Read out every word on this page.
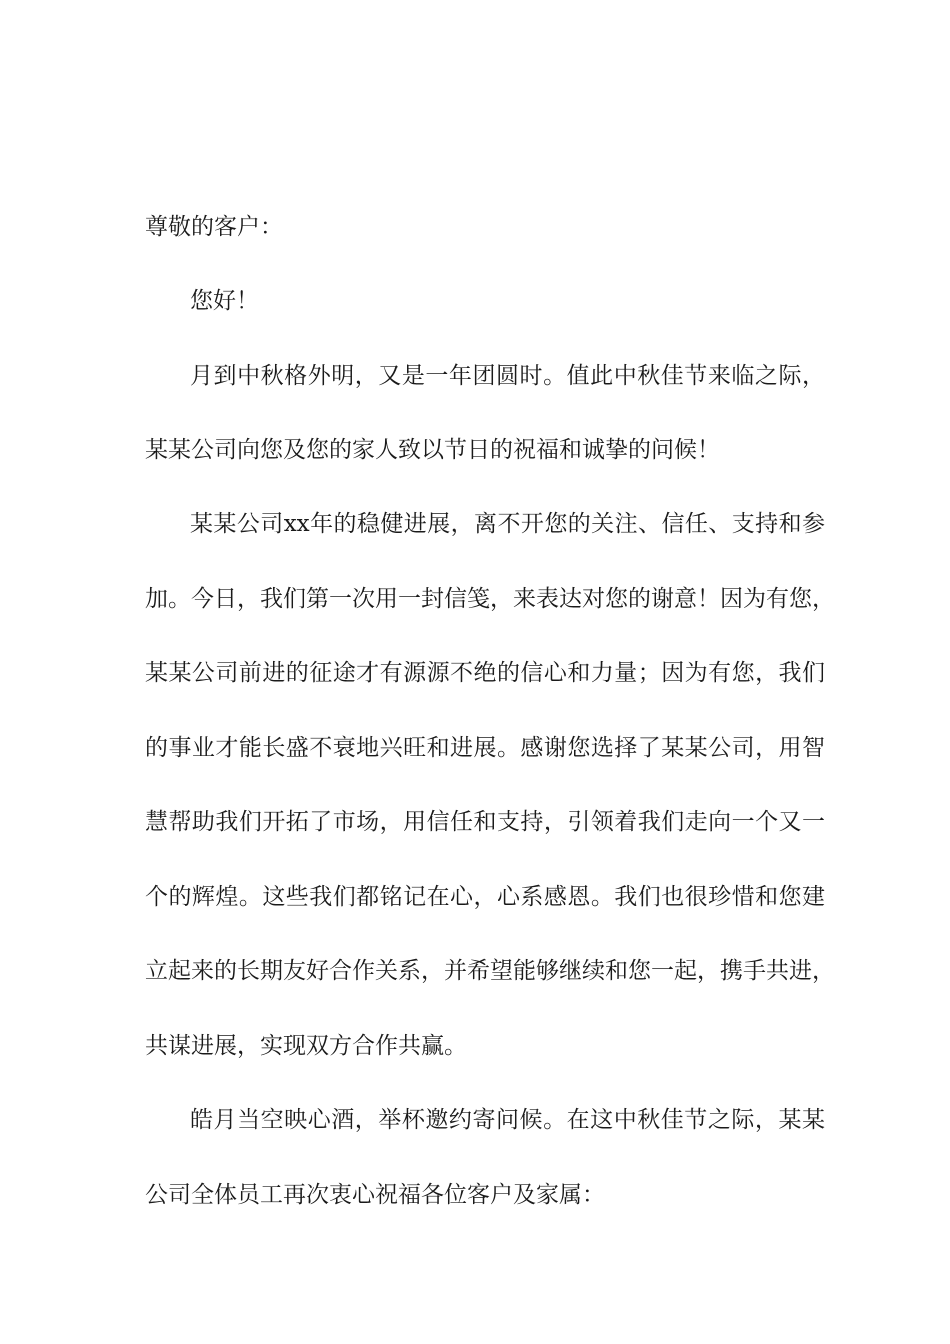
尊敬的客户：
您好！
月到中秋格外明，又是一年团圆时。值此中秋佳节来临之际，
某某公司向您及您的家人致以节日的祝福和诚挚的问候！
某某公司xx年的稳健进展，离不开您的关注、信任、支持和参
加。今日，我们第一次用一封信笺，来表达对您的谢意！因为有您，
某某公司前进的征途才有源源不绝的信心和力量；因为有您，我们
的事业才能长盛不衰地兴旺和进展。感谢您选择了某某公司，用智
慧帮助我们开拓了市场，用信任和支持，引领着我们走向一个又一
个的辉煌。这些我们都铭记在心，心系感恩。我们也很珍惜和您建
立起来的长期友好合作关系，并希望能够继续和您一起，携手共进，
共谋进展，实现双方合作共赢。
皓月当空映心酒，举杯邀约寄问候。在这中秋佳节之际，某某
公司全体员工再次衷心祝福各位客户及家属：
